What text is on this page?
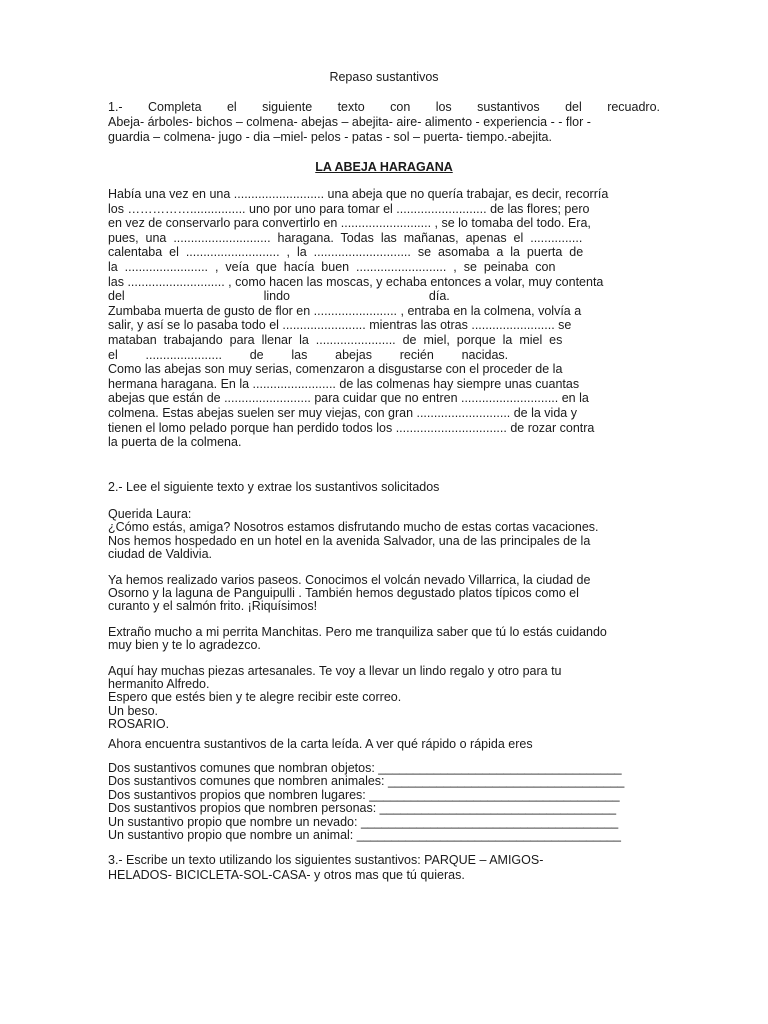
Repaso sustantivos
1.- Completa el siguiente texto con los sustantivos del recuadro.
Abeja- árboles- bichos – colmena- abejas – abejita- aire- alimento - experiencia - - flor -
guardia – colmena- jugo - dia –miel- pelos - patas - sol – puerta- tiempo.-abejita.
LA ABEJA HARAGANA
Había una vez en una .......................... una abeja que no quería trabajar, es decir, recorría
los ……………................ uno por uno para tomar el .......................... de las flores; pero
en vez de conservarlo para convertirlo en .......................... , se lo tomaba del todo. Era,
pues,  una  ............................  haragana.  Todas  las  mañanas,  apenas  el  ...............
calentaba  el  ...........................  ,  la  ............................  se  asomaba  a  la  puerta  de
la  ........................  ,  veía  que  hacía  buen  ..........................  ,  se  peinaba  con
las ............................ , como hacen las moscas, y echaba entonces a volar, muy contenta
del                                        lindo                                        día.
Zumbaba muerta de gusto de flor en ........................ , entraba en la colmena, volvía a
salir, y así se lo pasaba todo el ........................ mientras las otras ........................ se
mataban  trabajando  para  llenar  la  .......................  de  miel,  porque  la  miel  es
el        ......................        de        las        abejas        recién        nacidas.
Como las abejas son muy serias, comenzaron a disgustarse con el proceder de la
hermana haragana. En la ........................ de las colmenas hay siempre unas cuantas
abejas que están de ......................... para cuidar que no entren ............................ en la
colmena. Estas abejas suelen ser muy viejas, con gran ........................... de la vida y
tienen el lomo pelado porque han perdido todos los ................................ de rozar contra
la puerta de la colmena.
2.- Lee el siguiente texto y extrae los sustantivos solicitados
Querida Laura:
¿Cómo estás, amiga? Nosotros estamos disfrutando mucho de estas cortas vacaciones.
Nos hemos hospedado en un hotel en la avenida Salvador, una de las principales de la
ciudad de Valdivia.
Ya hemos realizado varios paseos. Conocimos el volcán nevado Villarrica, la ciudad de
Osorno y la laguna de Panguipulli . También hemos degustado platos típicos como el
curanto y el salmón frito. ¡Riquísimos!
Extraño mucho a mi perrita Manchitas. Pero me tranquiliza saber que tú lo estás cuidando
muy bien y te lo agradezco.
Aquí hay muchas piezas artesanales. Te voy a llevar un lindo regalo y otro para tu
hermanito Alfredo.
Espero que estés bien y te alegre recibir este correo.
Un beso.
ROSARIO.
Ahora encuentra sustantivos de la carta leída. A ver qué rápido o rápida eres
Dos sustantivos comunes que nombran objetos: ___________________________________
Dos sustantivos comunes que nombren animales: __________________________________
Dos sustantivos propios que nombren lugares: ____________________________________
Dos sustantivos propios que nombren personas: __________________________________
Un sustantivo propio que nombre un nevado: _____________________________________
Un sustantivo propio que nombre un animal: ______________________________________
3.- Escribe un texto utilizando los siguientes sustantivos: PARQUE – AMIGOS-
HELADOS- BICICLETA-SOL-CASA- y otros mas que tú quieras.
